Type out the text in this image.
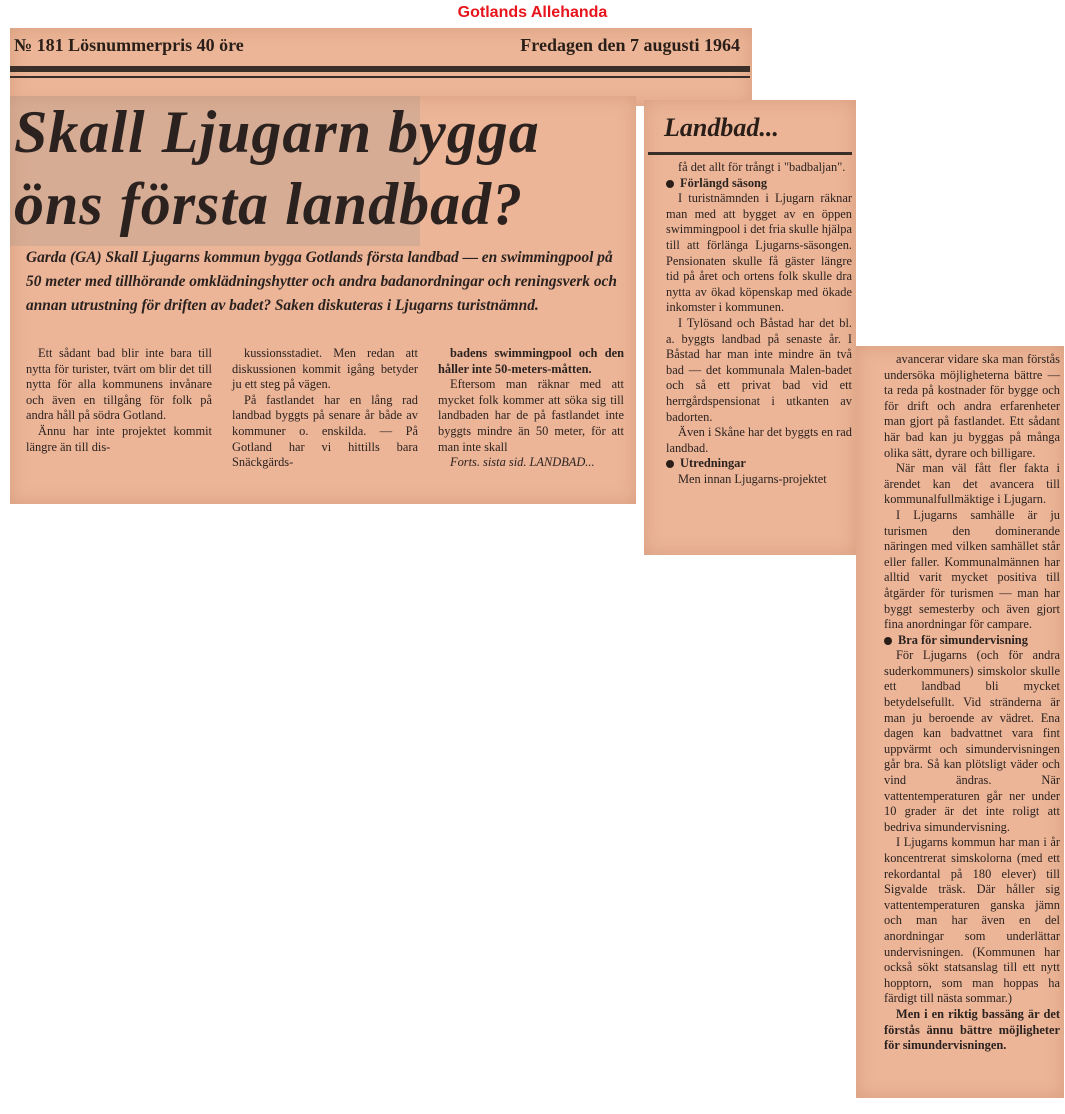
Gotlands Allehanda
№ 181 Lösnummerpris 40 öre	Fredagen den 7 augusti 1964
Skall Ljugarn bygga
öns första landbad?
Garda (GA) Skall Ljugarns kommun bygga Gotlands första landbad — en swimmingpool på 50 meter med tillhörande omklädningshytter och andra badanordningar och reningsverk och annan utrustning för driften av badet? Saken diskuteras i Ljugarns turistnämnd.

Ett sådant bad blir inte bara till nytta för turister, tvärt om blir det till nytta för alla kommunens invånare och även en tillgång för folk på andra håll på södra Gotland.

Ännu har inte projektet kommit längre än till dis-

kussionsstadiet. Men redan att diskussionen kommit igång betyder ju ett steg på vägen.

På fastlandet har en lång rad landbad byggts på senare år både av kommuner o. enskilda. — På Gotland har vi hittills bara Snäckgärds-

badens swimmingpool och den håller inte 50-meters-måtten.

Eftersom man räknar med att mycket folk kommer att söka sig till landbaden har de på fastlandet inte byggts mindre än 50 meter, för att man inte skall

Forts. sista sid. LANDBAD...

Landbad...

få det allt för trångt i "badbaljan".

Förlängd säsong

I turistnämnden i Ljugarn räknar man med att bygget av en öppen swimmingpool i det fria skulle hjälpa till att förlänga Ljugarns-säsongen. Pensionaten skulle få gäster längre tid på året och ortens folk skulle dra nytta av ökad köpenskap med ökade inkomster i kommunen.

I Tylösand och Båstad har det bl. a. byggts landbad på senaste år. I Båstad har man inte mindre än två bad — det kommunala Malen-badet och så ett privat bad vid ett herrgårdspensionat i utkanten av badorten.

Även i Skåne har det byggts en rad landbad.

Utredningar

Men innan Ljugarns-projektet

avancerar vidare ska man förstås undersöka möjligheterna bättre — ta reda på kostnader för bygge och för drift och andra erfarenheter man gjort på fastlandet. Ett sådant här bad kan ju byggas på många olika sätt, dyrare och billigare.

När man väl fått fler fakta i ärendet kan det avancera till kommunalfullmäktige i Ljugarn.

I Ljugarns samhälle är ju turismen den dominerande näringen med vilken samhället står eller faller. Kommunalmännen har alltid varit mycket positiva till åtgärder för turismen — man har byggt semesterby och även gjort fina anordningar för campare.

Bra för simundervisning

För Ljugarns (och för andra suderkommuners) simskolor skulle ett landbad bli mycket betydelsefullt. Vid stränderna är man ju beroende av vädret. Ena dagen kan badvattnet vara fint uppvärmt och simundervisningen går bra. Så kan plötsligt väder och vind ändras. När vattentemperaturen går ner under 10 grader är det inte roligt att bedriva simundervisning.

I Ljugarns kommun har man i år koncentrerat simskolorna (med ett rekordantal på 180 elever) till Sigvalde träsk. Där håller sig vattentemperaturen ganska jämn och man har även en del anordningar som underlättar undervisningen. (Kommunen har också sökt statsanslag till ett nytt hopptorn, som man hoppas ha färdigt till nästa sommar.)

Men i en riktig bassäng är det förstås ännu bättre möjligheter för simundervisningen.
